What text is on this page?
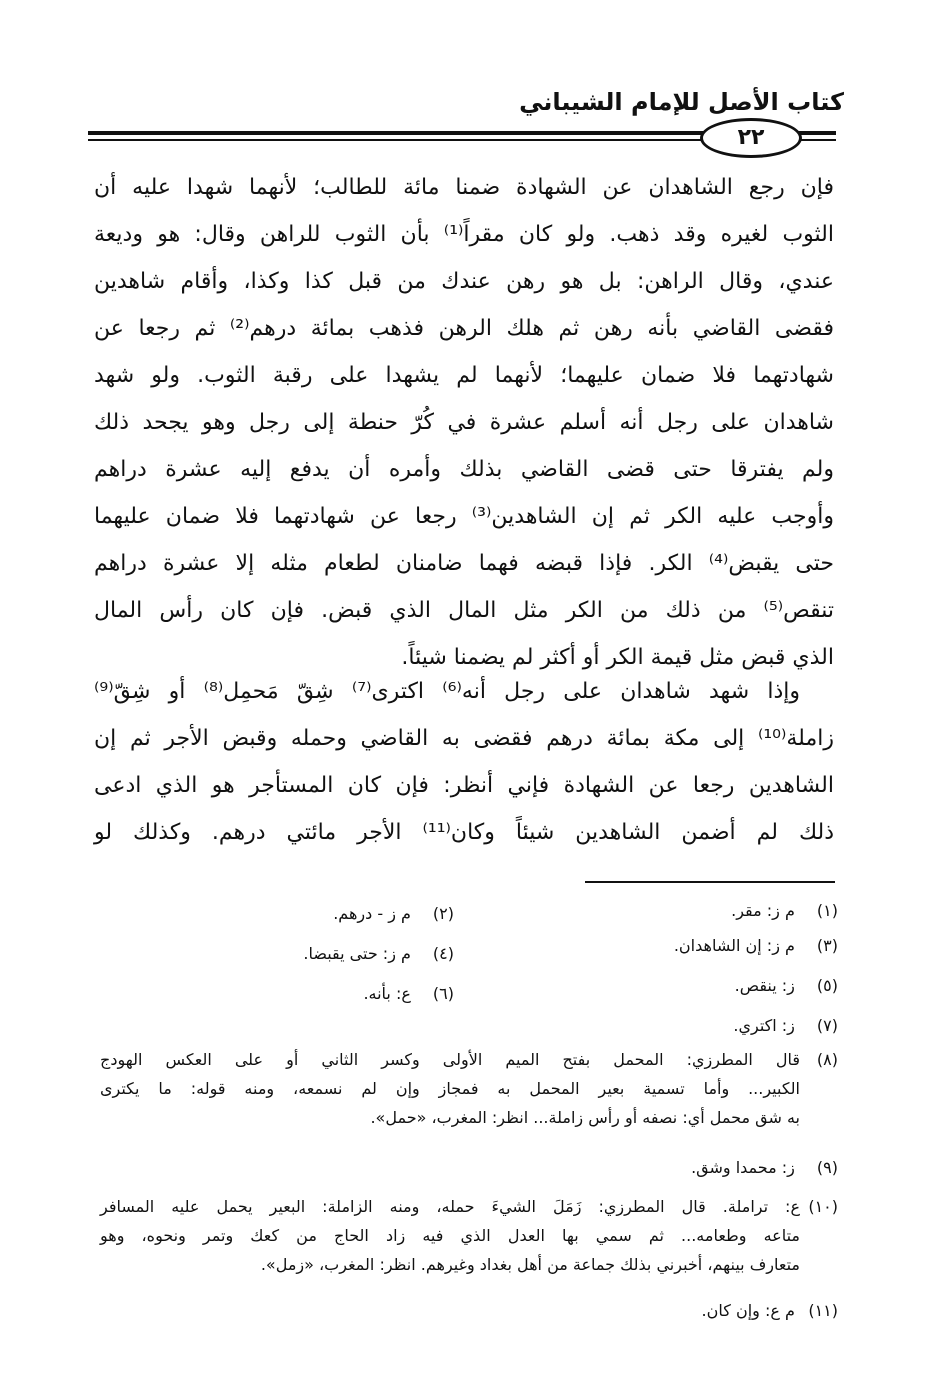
كتاب الأصل للإمام الشيباني
٢٢
فإن رجع الشاهدان عن الشهادة ضمنا مائة للطالب؛ لأنهما شهدا عليه أن
الثوب لغيره وقد ذهب. ولو كان مقراً⁽¹⁾ بأن الثوب للراهن وقال: هو وديعة
عندي، وقال الراهن: بل هو رهن عندك من قبل كذا وكذا، وأقام شاهدين
فقضى القاضي بأنه رهن ثم هلك الرهن فذهب بمائة درهم⁽²⁾ ثم رجعا عن
شهادتهما فلا ضمان عليهما؛ لأنهما لم يشهدا على رقبة الثوب. ولو شهد
شاهدان على رجل أنه أسلم عشرة في كُرّ حنطة إلى رجل وهو يجحد ذلك
ولم يفترقا حتى قضى القاضي بذلك وأمره أن يدفع إليه عشرة دراهم
وأوجب عليه الكر ثم إن الشاهدين⁽³⁾ رجعا عن شهادتهما فلا ضمان عليهما
حتى يقبض⁽⁴⁾ الكر. فإذا قبضه فهما ضامنان لطعام مثله إلا عشرة دراهم
تنقص⁽⁵⁾ من ذلك من الكر مثل المال الذي قبض. فإن كان رأس المال
الذي قبض مثل قيمة الكر أو أكثر لم يضمنا شيئاً.
وإذا شهد شاهدان على رجل أنه⁽⁶⁾ اكترى⁽⁷⁾ شِقّ مَحمِل⁽⁸⁾ أو شِقّ⁽⁹⁾
زاملة⁽¹⁰⁾ إلى مكة بمائة درهم فقضى به القاضي وحمله وقبض الأجر ثم إن
الشاهدين رجعا عن الشهادة فإني أنظر: فإن كان المستأجر هو الذي ادعى
ذلك لم أضمن الشاهدين شيئاً وكان⁽¹¹⁾ الأجر مائتي درهم. وكذلك لو
(١) م ز: مقر.
(٢) م ز - درهم.
(٣) م ز: إن الشاهدان.
(٤) م ز: حتى يقبضا.
(٥) ز: ينقص.
(٦) ع: بأنه.
(٧) ز: اكتري.
(٨)قال المطرزي: المحمل بفتح الميم الأولى وكسر الثاني أو على العكس الهودج
الكبير... وأما تسمية بعير المحمل به فمجاز وإن لم نسمعه، ومنه قوله: ما يكترى
به شق محمل أي: نصفه أو رأس زاملة... انظر: المغرب، «حمل».
(٩) ز: محمدا وشق.
(١٠)ع: تراملة. قال المطرزي: زَمَلَ الشيءَ حمله، ومنه الزاملة: البعير يحمل عليه المسافر
متاعه وطعامه... ثم سمي بها العدل الذي فيه زاد الحاج من كعك وتمر ونحوه، وهو
متعارف بينهم، أخبرني بذلك جماعة من أهل بغداد وغيرهم. انظر: المغرب، «زمل».
(١١) م ع: وإن كان.
